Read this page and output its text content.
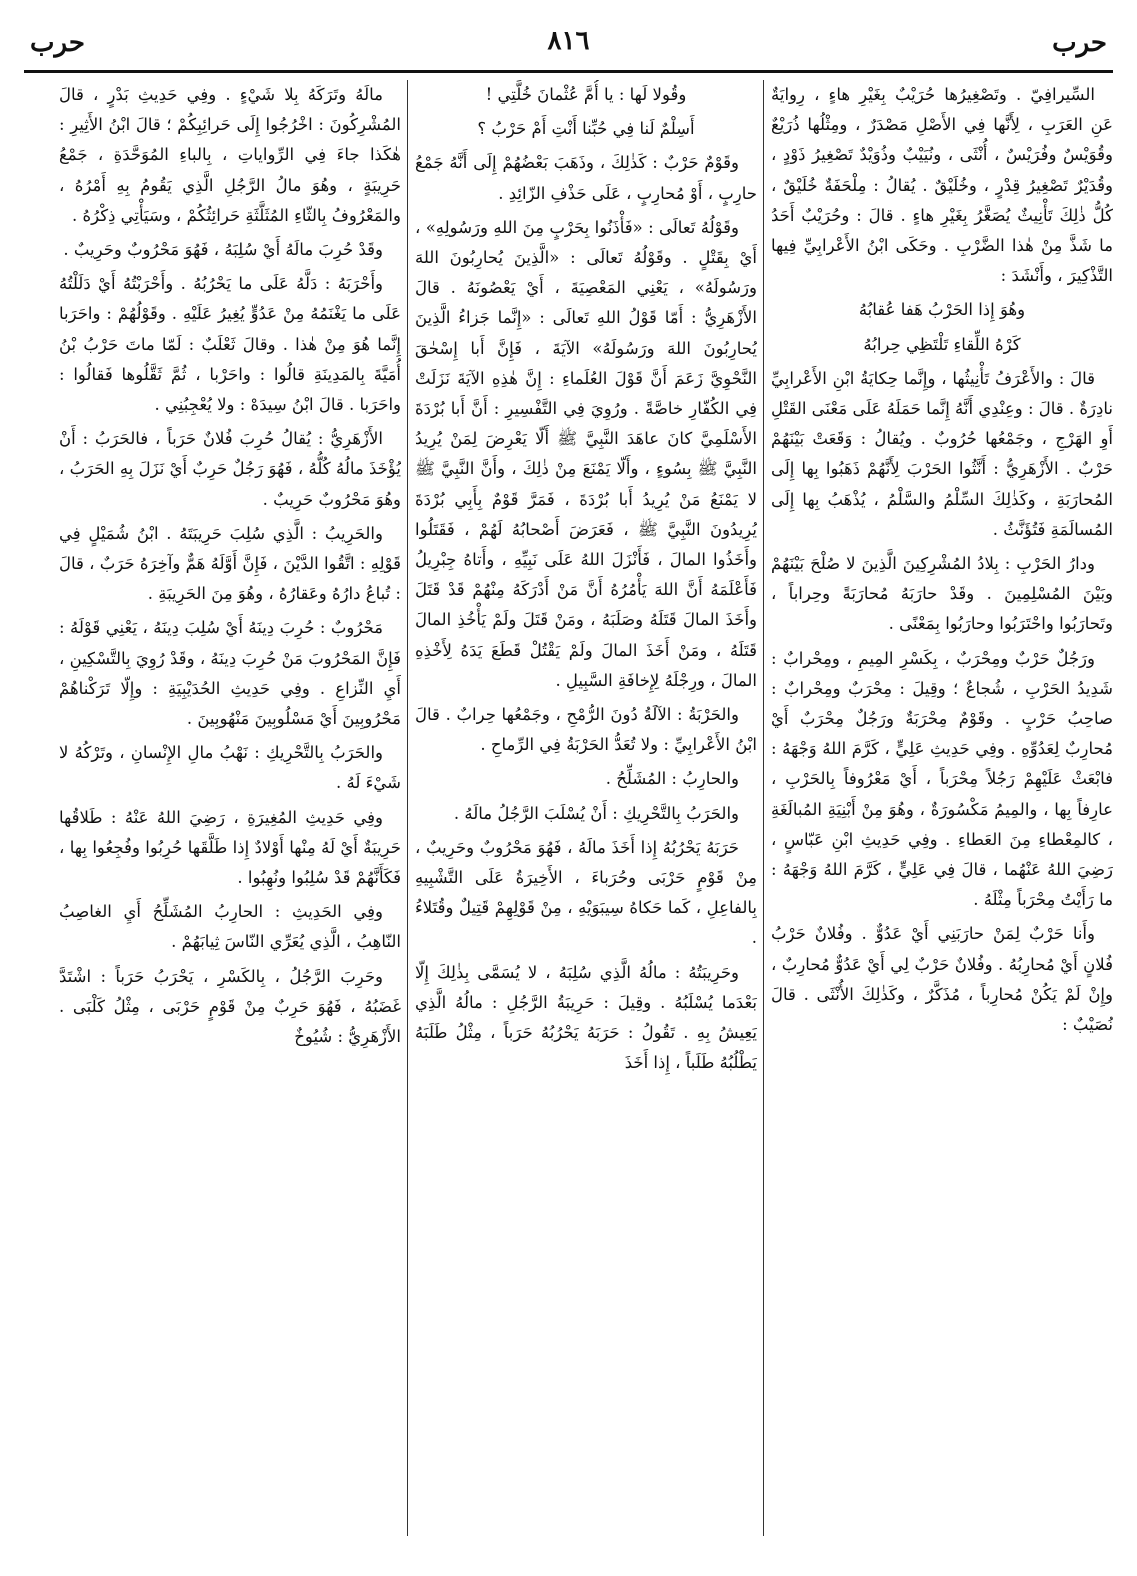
حرب
٨١٦
حرب

السِّيرافِيّ . وتَصْغِيرُها حُرَيْبٌ بِغَيْرِ هاءٍ ، رِوايَةٌ عَنِ العَرَبِ ، لِأَنَّها فِي الأَصْلِ مَصْدَرٌ ، ومِثْلُها ذُرَيْعٌ وقُوَيْسٌ وفُرَيْسٌ ، أُنْثَى ، ونُيَيْبٌ وذُوَيْدٌ تَصْغِيرُ ذَوْدٍ ، وقُدَيْرٌ تَصْغِيرُ قِدْرٍ ، وخُلَيْقٌ . يُقالُ : مِلْحَفَةٌ خُلَيْقٌ ، كُلُّ ذٰلِكَ تَأْنِيثٌ يُصَغَّرُ بِغَيْرِ هاءٍ . قالَ : وحُرَيْبٌ أَحَدُ ما شَذَّ مِنْ هٰذا الضَّرْبِ . وحَكَى ابْنُ الأَعْرابِيِّ فِيها التَّذْكِيرَ ، وأَنْشَدَ :

وهُوَ إِذا الحَرْبُ هَفا عُقابُهُ

كَرْهُ اللِّقاءِ تَلْتَظِي حِرابُهُ

قالَ : والأَعْرَفُ تَأْنِيثُها ، وإِنَّما حِكايَةُ ابْنِ الأَعْرابِيِّ نادِرَةٌ . قالَ : وعِنْدِي أَنَّهُ إِنَّما حَمَلَهُ عَلَى مَعْنَى القَتْلِ أَوِ الهَرْجِ ، وجَمْعُها حُرُوبٌ . ويُقالُ : وَقَعَتْ بَيْنَهُمْ حَرْبٌ . الأَزْهَرِيُّ : أَنَّثُوا الحَرْبَ لِأَنَّهُمْ ذَهَبُوا بِها إِلَى المُحارَبَةِ ، وكَذٰلِكَ السِّلْمُ والسَّلْمُ ، يُذْهَبُ بِها إِلَى المُسالَمَةِ فَتُؤَنَّثُ .

ودارُ الحَرْبِ : بِلادُ المُشْرِكِينَ الَّذِينَ لا صُلْحَ بَيْنَهُمْ وبَيْنَ المُسْلِمِينَ . وقَدْ حارَبَهُ مُحارَبَةً وحِراباً ، وتَحارَبُوا واحْتَرَبُوا وحارَبُوا بِمَعْنًى .

ورَجُلٌ حَرْبٌ ومِحْرَبٌ ، بِكَسْرِ المِيمِ ، ومِحْرابٌ : شَدِيدُ الحَرْبِ ، شُجاعٌ ؛ وقِيلَ : مِحْرَبٌ ومِحْرابٌ : صاحِبُ حَرْبٍ . وقَوْمٌ مِحْرَبَةٌ ورَجُلٌ مِحْرَبٌ أَيْ مُحارِبٌ لِعَدُوِّهِ . وفِي حَدِيثِ عَلِيٍّ ، كَرَّمَ اللهُ وَجْهَهُ : فابْعَثْ عَلَيْهِمْ رَجُلاً مِحْرَباً ، أَيْ مَعْرُوفاً بِالحَرْبِ ، عارِفاً بِها ، والمِيمُ مَكْسُورَةٌ ، وهُوَ مِنْ أَبْنِيَةِ المُبالَغَةِ ، كالمِعْطاءِ مِنَ العَطاءِ . وفِي حَدِيثِ ابْنِ عَبّاسٍ ، رَضِيَ اللهُ عَنْهُما ، قالَ فِي عَلِيٍّ ، كَرَّمَ اللهُ وَجْهَهُ : ما رَأَيْتُ مِحْرَباً مِثْلَهُ .

وأَنا حَرْبٌ لِمَنْ حارَبَنِي أَيْ عَدُوٌّ . وفُلانٌ حَرْبُ فُلانٍ أَيْ مُحارِبُهُ . وفُلانٌ حَرْبٌ لِي أَيْ عَدُوٌّ مُحارِبٌ ، وإِنْ لَمْ يَكُنْ مُحارِباً ، مُذَكَّرٌ ، وكَذٰلِكَ الأُنْثَى . قالَ نُصَيْبٌ :

وقُولا لَها : يا أُمَّ عُثْمانَ خُلَّتِي !

أَسِلْمٌ لَنا فِي حُبِّنا أَنْتِ أَمْ حَرْبُ ؟

وقَوْمٌ حَرْبٌ : كَذٰلِكَ ، وذَهَبَ بَعْضُهُمْ إِلَى أَنَّهُ جَمْعُ حارِبٍ ، أَوْ مُحارِبٍ ، عَلَى حَذْفِ الزّائِدِ .

وقَوْلُهُ تَعالَى : «فَأْذَنُوا بِحَرْبٍ مِنَ اللهِ ورَسُولِهِ» ، أَيْ بِقَتْلٍ . وقَوْلُهُ تَعالَى : «الَّذِينَ يُحارِبُونَ اللهَ ورَسُولَهُ» ، يَعْنِي المَعْصِيَةَ ، أَيْ يَعْصُونَهُ . قالَ الأَزْهَرِيُّ : أَمّا قَوْلُ اللهِ تَعالَى : «إِنَّما جَزاءُ الَّذِينَ يُحارِبُونَ اللهَ ورَسُولَهُ» الآيَةَ ، فَإِنَّ أَبا إِسْحٰقَ النَّحْوِيَّ زَعَمَ أَنَّ قَوْلَ العُلَماءِ : إِنَّ هٰذِهِ الآيَةَ نَزَلَتْ فِي الكُفّارِ خاصَّةً . ورُوِيَ فِي التَّفْسِيرِ : أَنَّ أَبا بُرْدَةَ الأَسْلَمِيَّ كانَ عاهَدَ النَّبِيَّ ﷺ أَلّا يَعْرِضَ لِمَنْ يُرِيدُ النَّبِيَّ ﷺ بِسُوءٍ ، وأَلّا يَمْنَعَ مِنْ ذٰلِكَ ، وأَنَّ النَّبِيَّ ﷺ لا يَمْنَعُ مَنْ يُرِيدُ أَبا بُرْدَةَ ، فَمَرَّ قَوْمٌ بِأَبِي بُرْدَةَ يُرِيدُونَ النَّبِيَّ ﷺ ، فَعَرَضَ أَصْحابُهُ لَهُمْ ، فَقَتَلُوا وأَخَذُوا المالَ ، فَأَنْزَلَ اللهُ عَلَى نَبِيِّهِ ، وأَتاهُ جِبْرِيلُ فَأَعْلَمَهُ أَنَّ اللهَ يَأْمُرُهُ أَنَّ مَنْ أَدْرَكَهُ مِنْهُمْ قَدْ قَتَلَ وأَخَذَ المالَ قَتَلَهُ وصَلَبَهُ ، ومَنْ قَتَلَ ولَمْ يَأْخُذِ المالَ قَتَلَهُ ، ومَنْ أَخَذَ المالَ ولَمْ يَقْتُلْ قَطَعَ يَدَهُ لِأَخْذِهِ المالَ ، ورِجْلَهُ لِإِخافَةِ السَّبِيلِ .

والحَرْبَةُ : الآلَةُ دُونَ الرُّمْحِ ، وجَمْعُها حِرابٌ . قالَ ابْنُ الأَعْرابِيِّ : ولا تُعَدُّ الحَرْبَةُ فِي الرِّماحِ .

والحارِبُ : المُشَلِّحُ .

والحَرَبُ بِالتَّحْرِيكِ : أَنْ يُسْلَبَ الرَّجُلُ مالَهُ .

حَرَبَهُ يَحْرُبُهُ إِذا أَخَذَ مالَهُ ، فَهُوَ مَحْرُوبٌ وحَرِيبٌ ، مِنْ قَوْمٍ حَرْبَى وحُرَباءَ ، الأَخِيرَةُ عَلَى التَّشْبِيهِ بِالفاعِلِ ، كَما حَكاهُ سِيبَوَيْهِ ، مِنْ قَوْلِهِمْ قَتِيلٌ وقُتَلاءُ .

وحَرِيبَتُهُ : مالُهُ الَّذِي سُلِبَهُ ، لا يُسَمَّى بِذٰلِكَ إِلّا بَعْدَما يُسْلَبُهُ . وقِيلَ : حَرِيبَةُ الرَّجُلِ : مالُهُ الَّذِي يَعِيشُ بِهِ . تَقُولُ : حَرَبَهُ يَحْرُبُهُ حَرَباً ، مِثْلُ طَلَبَهُ يَطْلُبُهُ طَلَباً ، إِذا أَخَذَ

مالَهُ وتَرَكَهُ بِلا شَيْءٍ . وفِي حَدِيثِ بَدْرٍ ، قالَ المُشْرِكُونَ : اخْرُجُوا إِلَى حَرائِبِكُمْ ؛ قالَ ابْنُ الأَثِيرِ : هٰكَذا جاءَ فِي الرِّواياتِ ، بِالباءِ المُوَحَّدَةِ ، جَمْعُ حَرِيبَةٍ ، وهُوَ مالُ الرَّجُلِ الَّذِي يَقُومُ بِهِ أَمْرُهُ ، والمَعْرُوفُ بِالثّاءِ المُثَلَّثَةِ حَرائِثُكُمْ ، وسَيَأْتِي ذِكْرُهُ .

وقَدْ حُرِبَ مالَهُ أَيْ سُلِبَهُ ، فَهُوَ مَحْرُوبٌ وحَرِيبٌ .

وأَحْرَبَهُ : دَلَّهُ عَلَى ما يَحْرُبُهُ . وأَحْرَبْتُهُ أَيْ دَلَلْتُهُ عَلَى ما يَغْنَمُهُ مِنْ عَدُوٍّ يُغِيرُ عَلَيْهِ . وقَوْلُهُمْ : واحَرَبا إِنَّما هُوَ مِنْ هٰذا . وقالَ ثَعْلَبٌ : لَمّا ماتَ حَرْبُ بْنُ أُمَيَّةَ بِالمَدِينَةِ قالُوا : واحَرْبا ، ثُمَّ ثَقَّلُوها فَقالُوا : واحَرَبا . قالَ ابْنُ سِيدَهْ : ولا يُعْجِبُنِي .

الأَزْهَرِيُّ : يُقالُ حُرِبَ فُلانٌ حَرَباً ، فالحَرَبُ : أَنْ يُؤْخَذَ مالُهُ كُلُّهُ ، فَهُوَ رَجُلٌ حَرِبٌ أَيْ نَزَلَ بِهِ الحَرَبُ ، وهُوَ مَحْرُوبٌ حَرِيبٌ .

والحَرِيبُ : الَّذِي سُلِبَ حَرِيبَتَهُ . ابْنُ شُمَيْلٍ فِي قَوْلِهِ : اتَّقُوا الدَّيْنَ ، فَإِنَّ أَوَّلَهُ هَمٌّ وآخِرَهُ حَرَبٌ ، قالَ : تُباعُ دارُهُ وعَقارُهُ ، وهُوَ مِنَ الحَرِيبَةِ .

مَحْرُوبٌ : حُرِبَ دِينَهُ أَيْ سُلِبَ دِينَهُ ، يَعْنِي قَوْلَهُ : فَإِنَّ المَحْرُوبَ مَنْ حُرِبَ دِينَهُ ، وقَدْ رُوِيَ بِالتَّسْكِينِ ، أَيِ النِّزاعِ . وفِي حَدِيثِ الحُدَيْبِيَةِ : وإِلّا تَرَكْناهُمْ مَحْرُوبِينَ أَيْ مَسْلُوبِينَ مَنْهُوبِينَ .

والحَرَبُ بِالتَّحْرِيكِ : نَهْبُ مالِ الإِنْسانِ ، وتَرْكُهُ لا شَيْءَ لَهُ .

وفِي حَدِيثِ المُغِيرَةِ ، رَضِيَ اللهُ عَنْهُ : طَلاقُها حَرِيبَةٌ أَيْ لَهُ مِنْها أَوْلادٌ إِذا طَلَّقَها حُرِبُوا وفُجِعُوا بِها ، فَكَأَنَّهُمْ قَدْ سُلِبُوا ونُهِبُوا .

وفِي الحَدِيثِ : الحارِبُ المُشَلِّحُ أَيِ الغاصِبُ النّاهِبُ ، الَّذِي يُعَرِّي النّاسَ ثِيابَهُمْ .

وحَرِبَ الرَّجُلُ ، بِالكَسْرِ ، يَحْرَبُ حَرَباً : اشْتَدَّ غَضَبُهُ ، فَهُوَ حَرِبٌ مِنْ قَوْمٍ حَرْبَى ، مِثْلُ كَلْبَى . الأَزْهَرِيُّ : شُيُوخٌ
